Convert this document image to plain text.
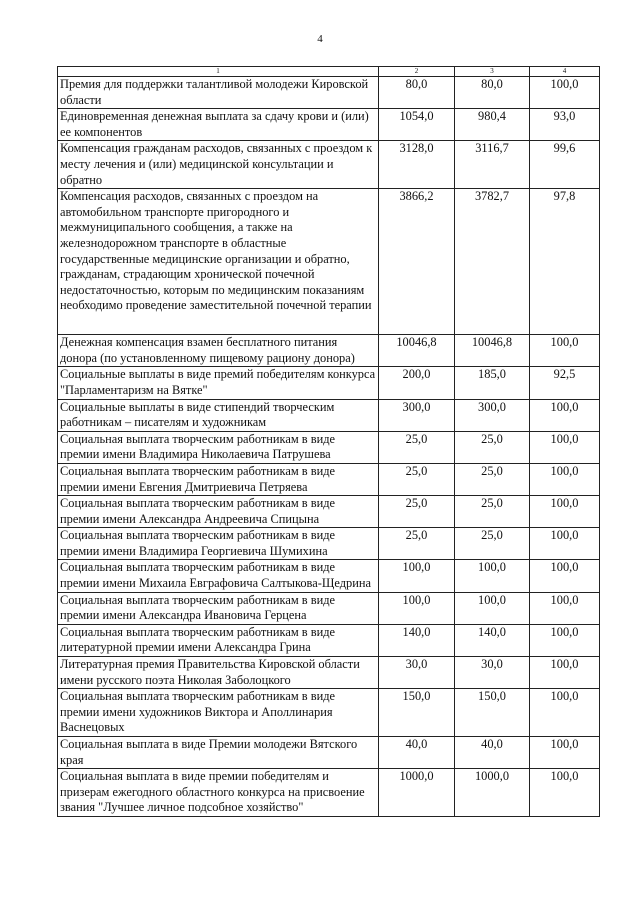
4
1	2	3	4
Премия для поддержки талантливой молодежи Кировской области	80,0	80,0	100,0
Единовременная денежная выплата за сдачу крови и (или) ее компонентов	1054,0	980,4	93,0
Компенсация гражданам расходов, связанных с проездом к месту лечения и (или) медицинской консультации и обратно	3128,0	3116,7	99,6
Компенсация расходов, связанных с проездом на автомобильном транспорте пригородного и межмуниципального сообщения, а также на железнодорожном транспорте в областные государственные медицинские организации и обратно, гражданам, страдающим хронической почечной недостаточностью, которым по медицинским показаниям необходимо проведение заместительной почечной терапии	3866,2	3782,7	97,8
Денежная компенсация взамен бесплатного питания донора (по установленному пищевому рациону донора)	10046,8	10046,8	100,0
Социальные выплаты в виде премий победителям конкурса "Парламентаризм на Вятке"	200,0	185,0	92,5
Социальные выплаты в виде стипендий творческим работникам – писателям и художникам	300,0	300,0	100,0
Социальная выплата творческим работникам в виде премии имени Владимира Николаевича Патрушева	25,0	25,0	100,0
Социальная выплата творческим работникам в виде премии имени Евгения Дмитриевича Петряева	25,0	25,0	100,0
Социальная выплата творческим работникам в виде премии имени Александра Андреевича Спицына	25,0	25,0	100,0
Социальная выплата творческим работникам в виде премии имени Владимира Георгиевича Шумихина	25,0	25,0	100,0
Социальная выплата творческим работникам в виде премии имени Михаила Евграфовича Салтыкова-Щедрина	100,0	100,0	100,0
Социальная выплата творческим работникам в виде премии имени Александра Ивановича Герцена	100,0	100,0	100,0
Социальная выплата творческим работникам в виде литературной премии имени Александра Грина	140,0	140,0	100,0
Литературная премия Правительства Кировской области имени русского поэта Николая Заболоцкого	30,0	30,0	100,0
Социальная выплата творческим работникам в виде премии имени художников Виктора и Аполлинария Васнецовых	150,0	150,0	100,0
Социальная выплата в виде Премии молодежи Вятского края	40,0	40,0	100,0
Социальная выплата в виде премии победителям и призерам ежегодного областного конкурса на присвоение звания "Лучшее личное подсобное хозяйство"	1000,0	1000,0	100,0
